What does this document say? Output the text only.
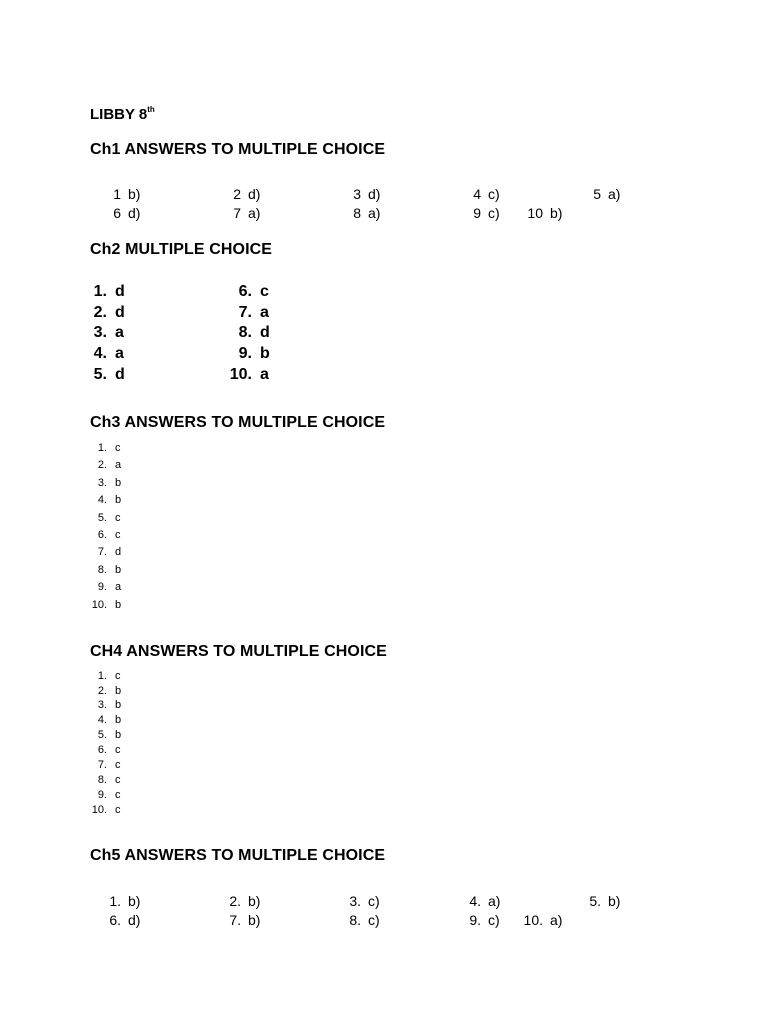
LIBBY 8th
Ch1 ANSWERS TO MULTIPLE CHOICE
1 b)	2 d)	3 d)	4 c)	5 a)
6 d)	7 a)	8 a)	9 c)	10 b)
Ch2 MULTIPLE CHOICE
1. d
2. d
3. a
4. a
5. d
6. c
7. a
8. d
9. b
10. a
Ch3 ANSWERS TO MULTIPLE CHOICE
1. c
2. a
3. b
4. b
5. c
6. c
7. d
8. b
9. a
10. b
CH4 ANSWERS TO MULTIPLE CHOICE
1. c
2. b
3. b
4. b
5. b
6. c
7. c
8. c
9. c
10. c
Ch5 ANSWERS TO MULTIPLE CHOICE
1. b)	2. b)	3. c)	4. a)	5. b)
6. d)	7. b)	8. c)	9. c)	10. a)
